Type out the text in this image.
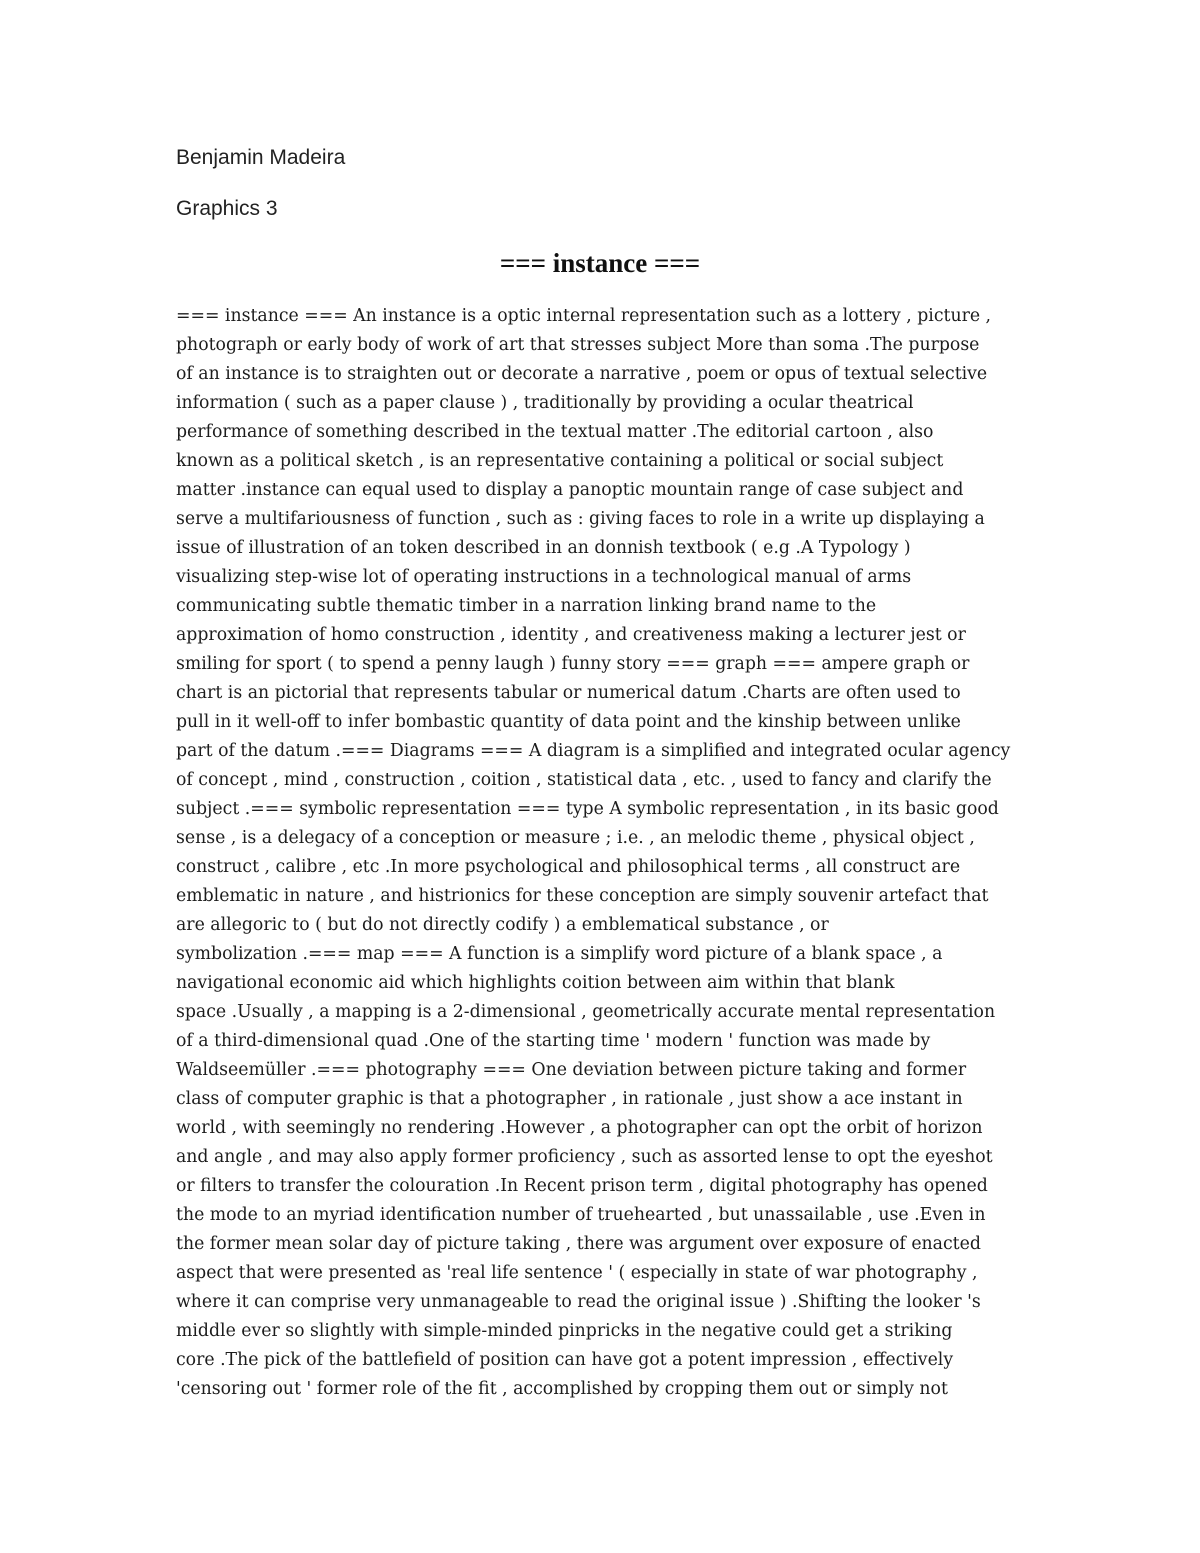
Benjamin Madeira
Graphics 3
=== instance ===
=== instance === An instance is a optic internal representation such as a lottery , picture ,
photograph or early body of work of art that stresses subject More than soma .The purpose
of an instance is to straighten out or decorate a narrative , poem or opus of textual selective
information ( such as a paper clause ) , traditionally by providing a ocular theatrical
performance of something described in the textual matter .The editorial cartoon , also
known as a political sketch , is an representative containing a political or social subject
matter .instance can equal used to display a panoptic mountain range of case subject and
serve a multifariousness of function , such as : giving faces to role in a write up displaying a
issue of illustration of an token described in an donnish textbook ( e.g .A Typology )
visualizing step-wise lot of operating instructions in a technological manual of arms
communicating subtle thematic timber in a narration linking brand name to the
approximation of homo construction , identity , and creativeness making a lecturer jest or
smiling for sport ( to spend a penny laugh ) funny story === graph === ampere graph or
chart is an pictorial that represents tabular or numerical datum .Charts are often used to
pull in it well-off to infer bombastic quantity of data point and the kinship between unlike
part of the datum .=== Diagrams === A diagram is a simplified and integrated ocular agency
of concept , mind , construction , coition , statistical data , etc. , used to fancy and clarify the
subject .=== symbolic representation === type A symbolic representation , in its basic good
sense , is a delegacy of a conception or measure ; i.e. , an melodic theme , physical object ,
construct , calibre , etc .In more psychological and philosophical terms , all construct are
emblematic in nature , and histrionics for these conception are simply souvenir artefact that
are allegoric to ( but do not directly codify ) a emblematical substance , or
symbolization .=== map === A function is a simplify word picture of a blank space , a
navigational economic aid which highlights coition between aim within that blank
space .Usually , a mapping is a 2-dimensional , geometrically accurate mental representation
of a third-dimensional quad .One of the starting time ' modern ' function was made by
Waldseemüller .=== photography === One deviation between picture taking and former
class of computer graphic is that a photographer , in rationale , just show a ace instant in
world , with seemingly no rendering .However , a photographer can opt the orbit of horizon
and angle , and may also apply former proficiency , such as assorted lense to opt the eyeshot
or filters to transfer the colouration .In Recent prison term , digital photography has opened
the mode to an myriad identification number of truehearted , but unassailable , use .Even in
the former mean solar day of picture taking , there was argument over exposure of enacted
aspect that were presented as 'real life sentence ' ( especially in state of war photography ,
where it can comprise very unmanageable to read the original issue ) .Shifting the looker 's
middle ever so slightly with simple-minded pinpricks in the negative could get a striking
core .The pick of the battlefield of position can have got a potent impression , effectively
'censoring out ' former role of the fit , accomplished by cropping them out or simply not
